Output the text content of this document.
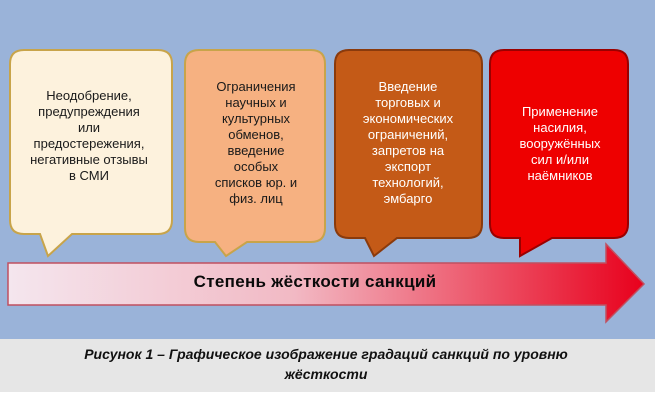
Неодобрение,
предупреждения
или
предостережения,
негативные отзывы
в СМИ
Ограничения
научных и
культурных
обменов,
введение
особых
списков юр. и
физ. лиц
Введение
торговых и
экономических
ограничений,
запретов на
экспорт
технологий,
эмбарго
Применение
насилия,
вооружённых
сил и/или
наёмников
Степень жёсткости санкций
Рисунок 1 – Графическое изображение градаций санкций по уровню
жёсткости
